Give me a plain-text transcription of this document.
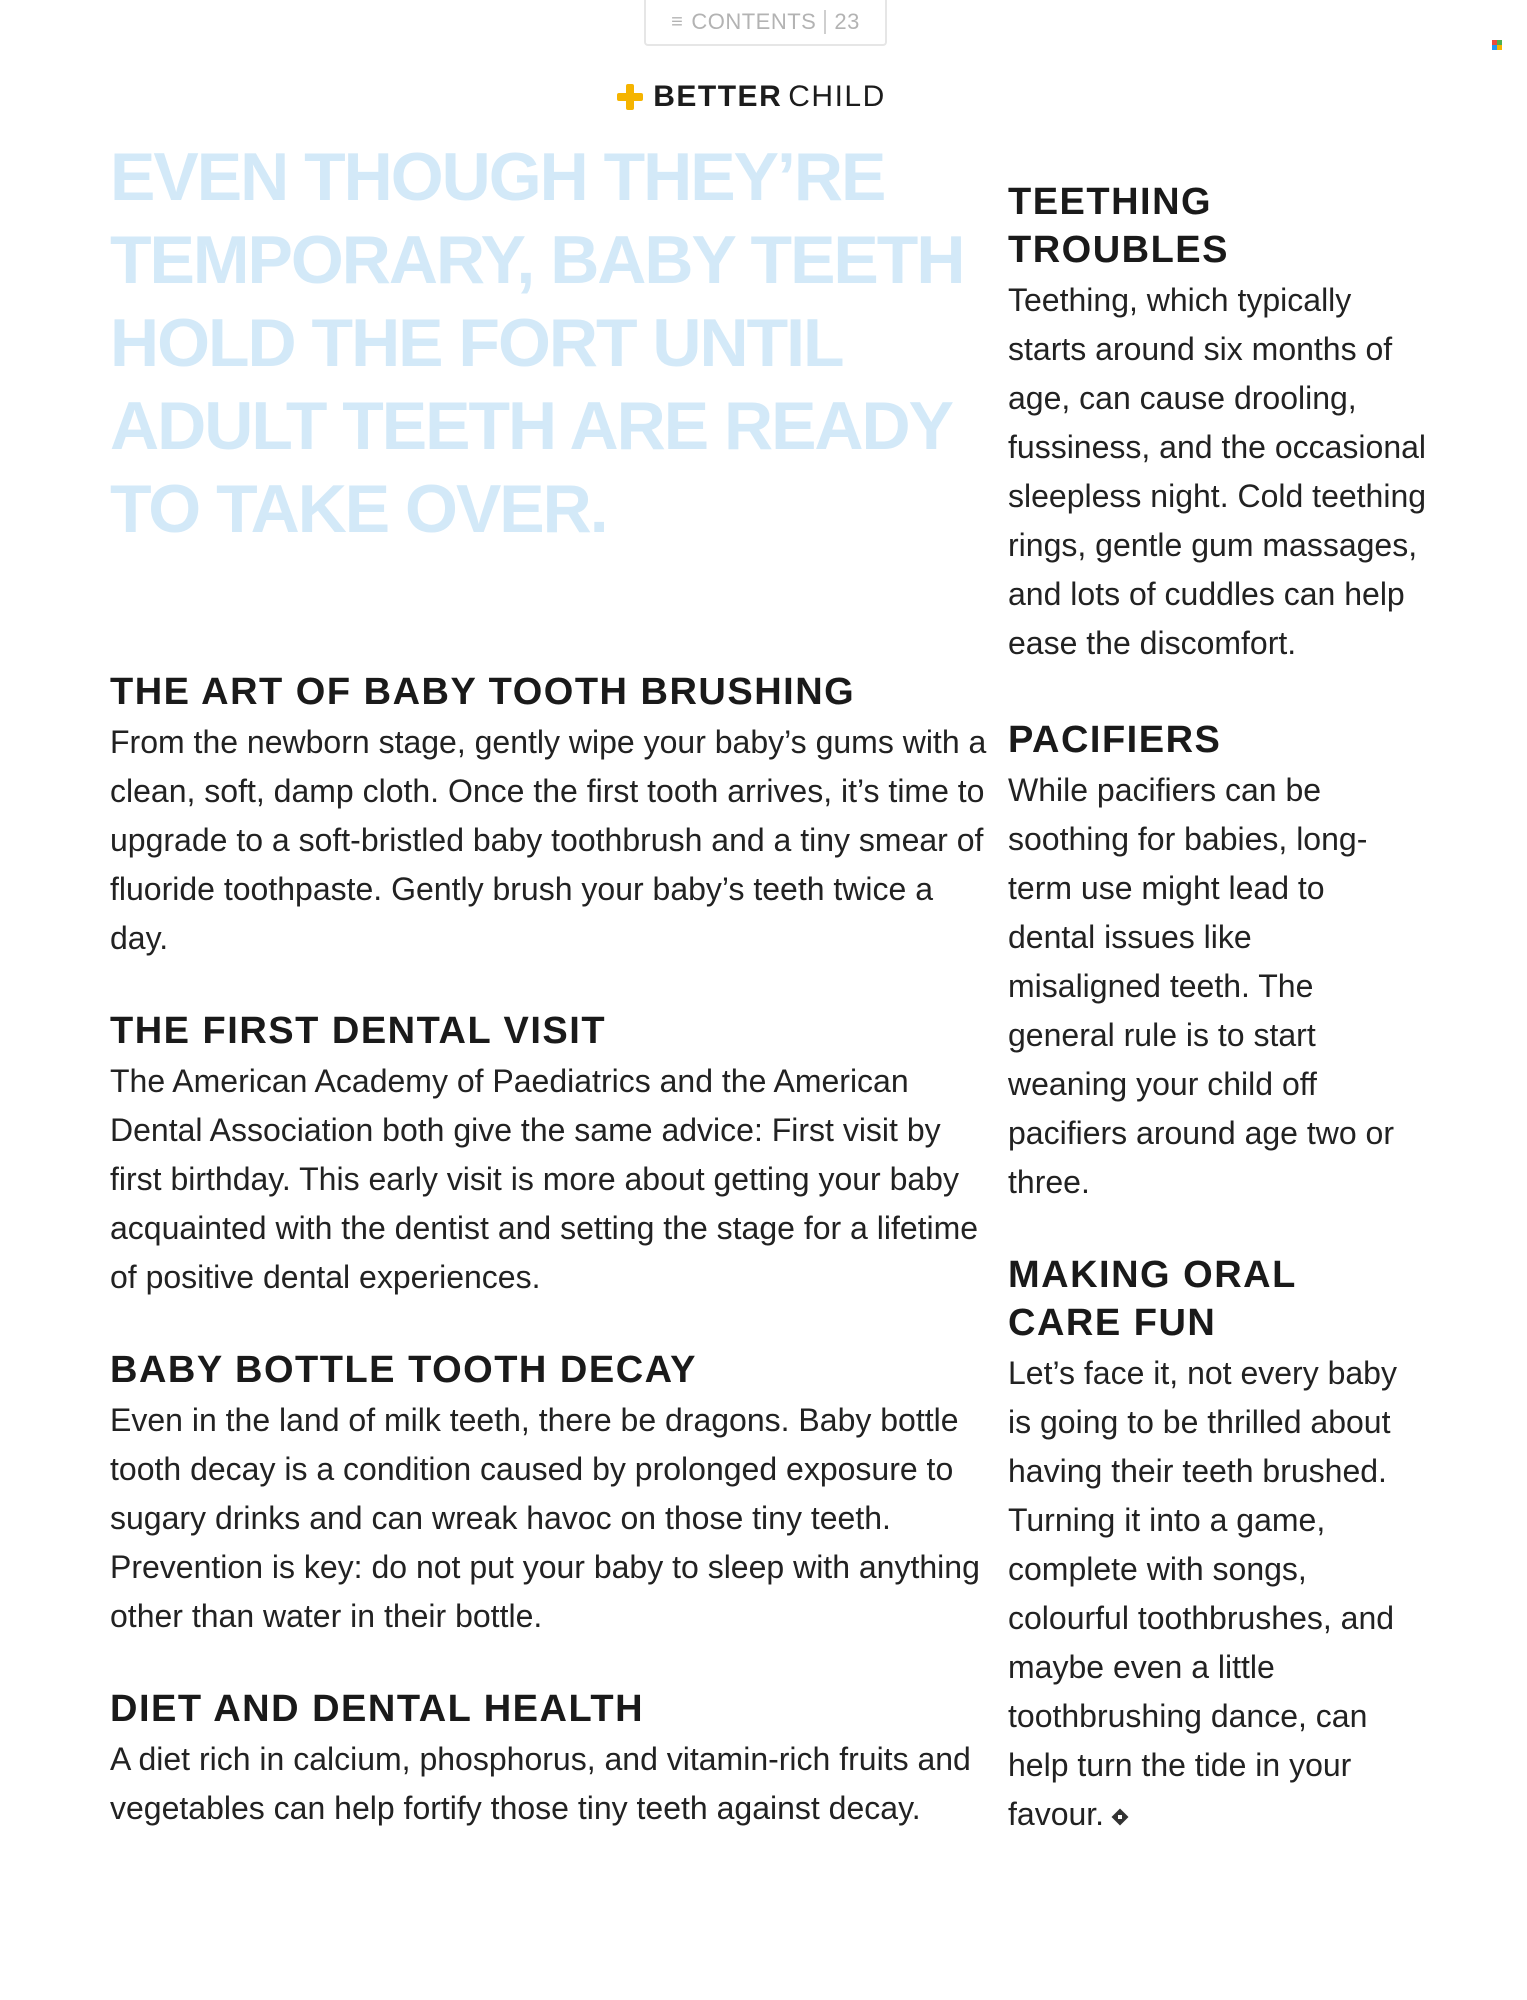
≡ CONTENTS 23
BETTER CHILD
EVEN THOUGH THEY’RE TEMPORARY, BABY TEETH HOLD THE FORT UNTIL ADULT TEETH ARE READY TO TAKE OVER.
THE ART OF BABY TOOTH BRUSHING

From the newborn stage, gently wipe your baby’s gums with a clean, soft, damp cloth. Once the first tooth arrives, it’s time to upgrade to a soft-bristled baby toothbrush and a tiny smear of fluoride toothpaste. Gently brush your baby’s teeth twice a day.

THE FIRST DENTAL VISIT

The American Academy of Paediatrics and the American Dental Association both give the same advice: First visit by first birthday. This early visit is more about getting your baby acquainted with the dentist and setting the stage for a lifetime of positive dental experiences.

BABY BOTTLE TOOTH DECAY

Even in the land of milk teeth, there be dragons. Baby bottle tooth decay is a condition caused by prolonged exposure to sugary drinks and can wreak havoc on those tiny teeth. Prevention is key: do not put your baby to sleep with anything other than water in their bottle.

DIET AND DENTAL HEALTH

A diet rich in calcium, phosphorus, and vitamin-rich fruits and vegetables can help fortify those tiny teeth against decay.

TEETHING TROUBLES

Teething, which typically starts around six months of age, can cause drooling, fussiness, and the occasional sleepless night. Cold teething rings, gentle gum massages, and lots of cuddles can help ease the discomfort.

PACIFIERS

While pacifiers can be soothing for babies, long-term use might lead to dental issues like misaligned teeth. The general rule is to start weaning your child off pacifiers around age two or three.

MAKING ORAL CARE FUN

Let’s face it, not every baby is going to be thrilled about having their teeth brushed. Turning it into a game, complete with songs, colourful toothbrushes, and maybe even a little toothbrushing dance, can help turn the tide in your favour.
